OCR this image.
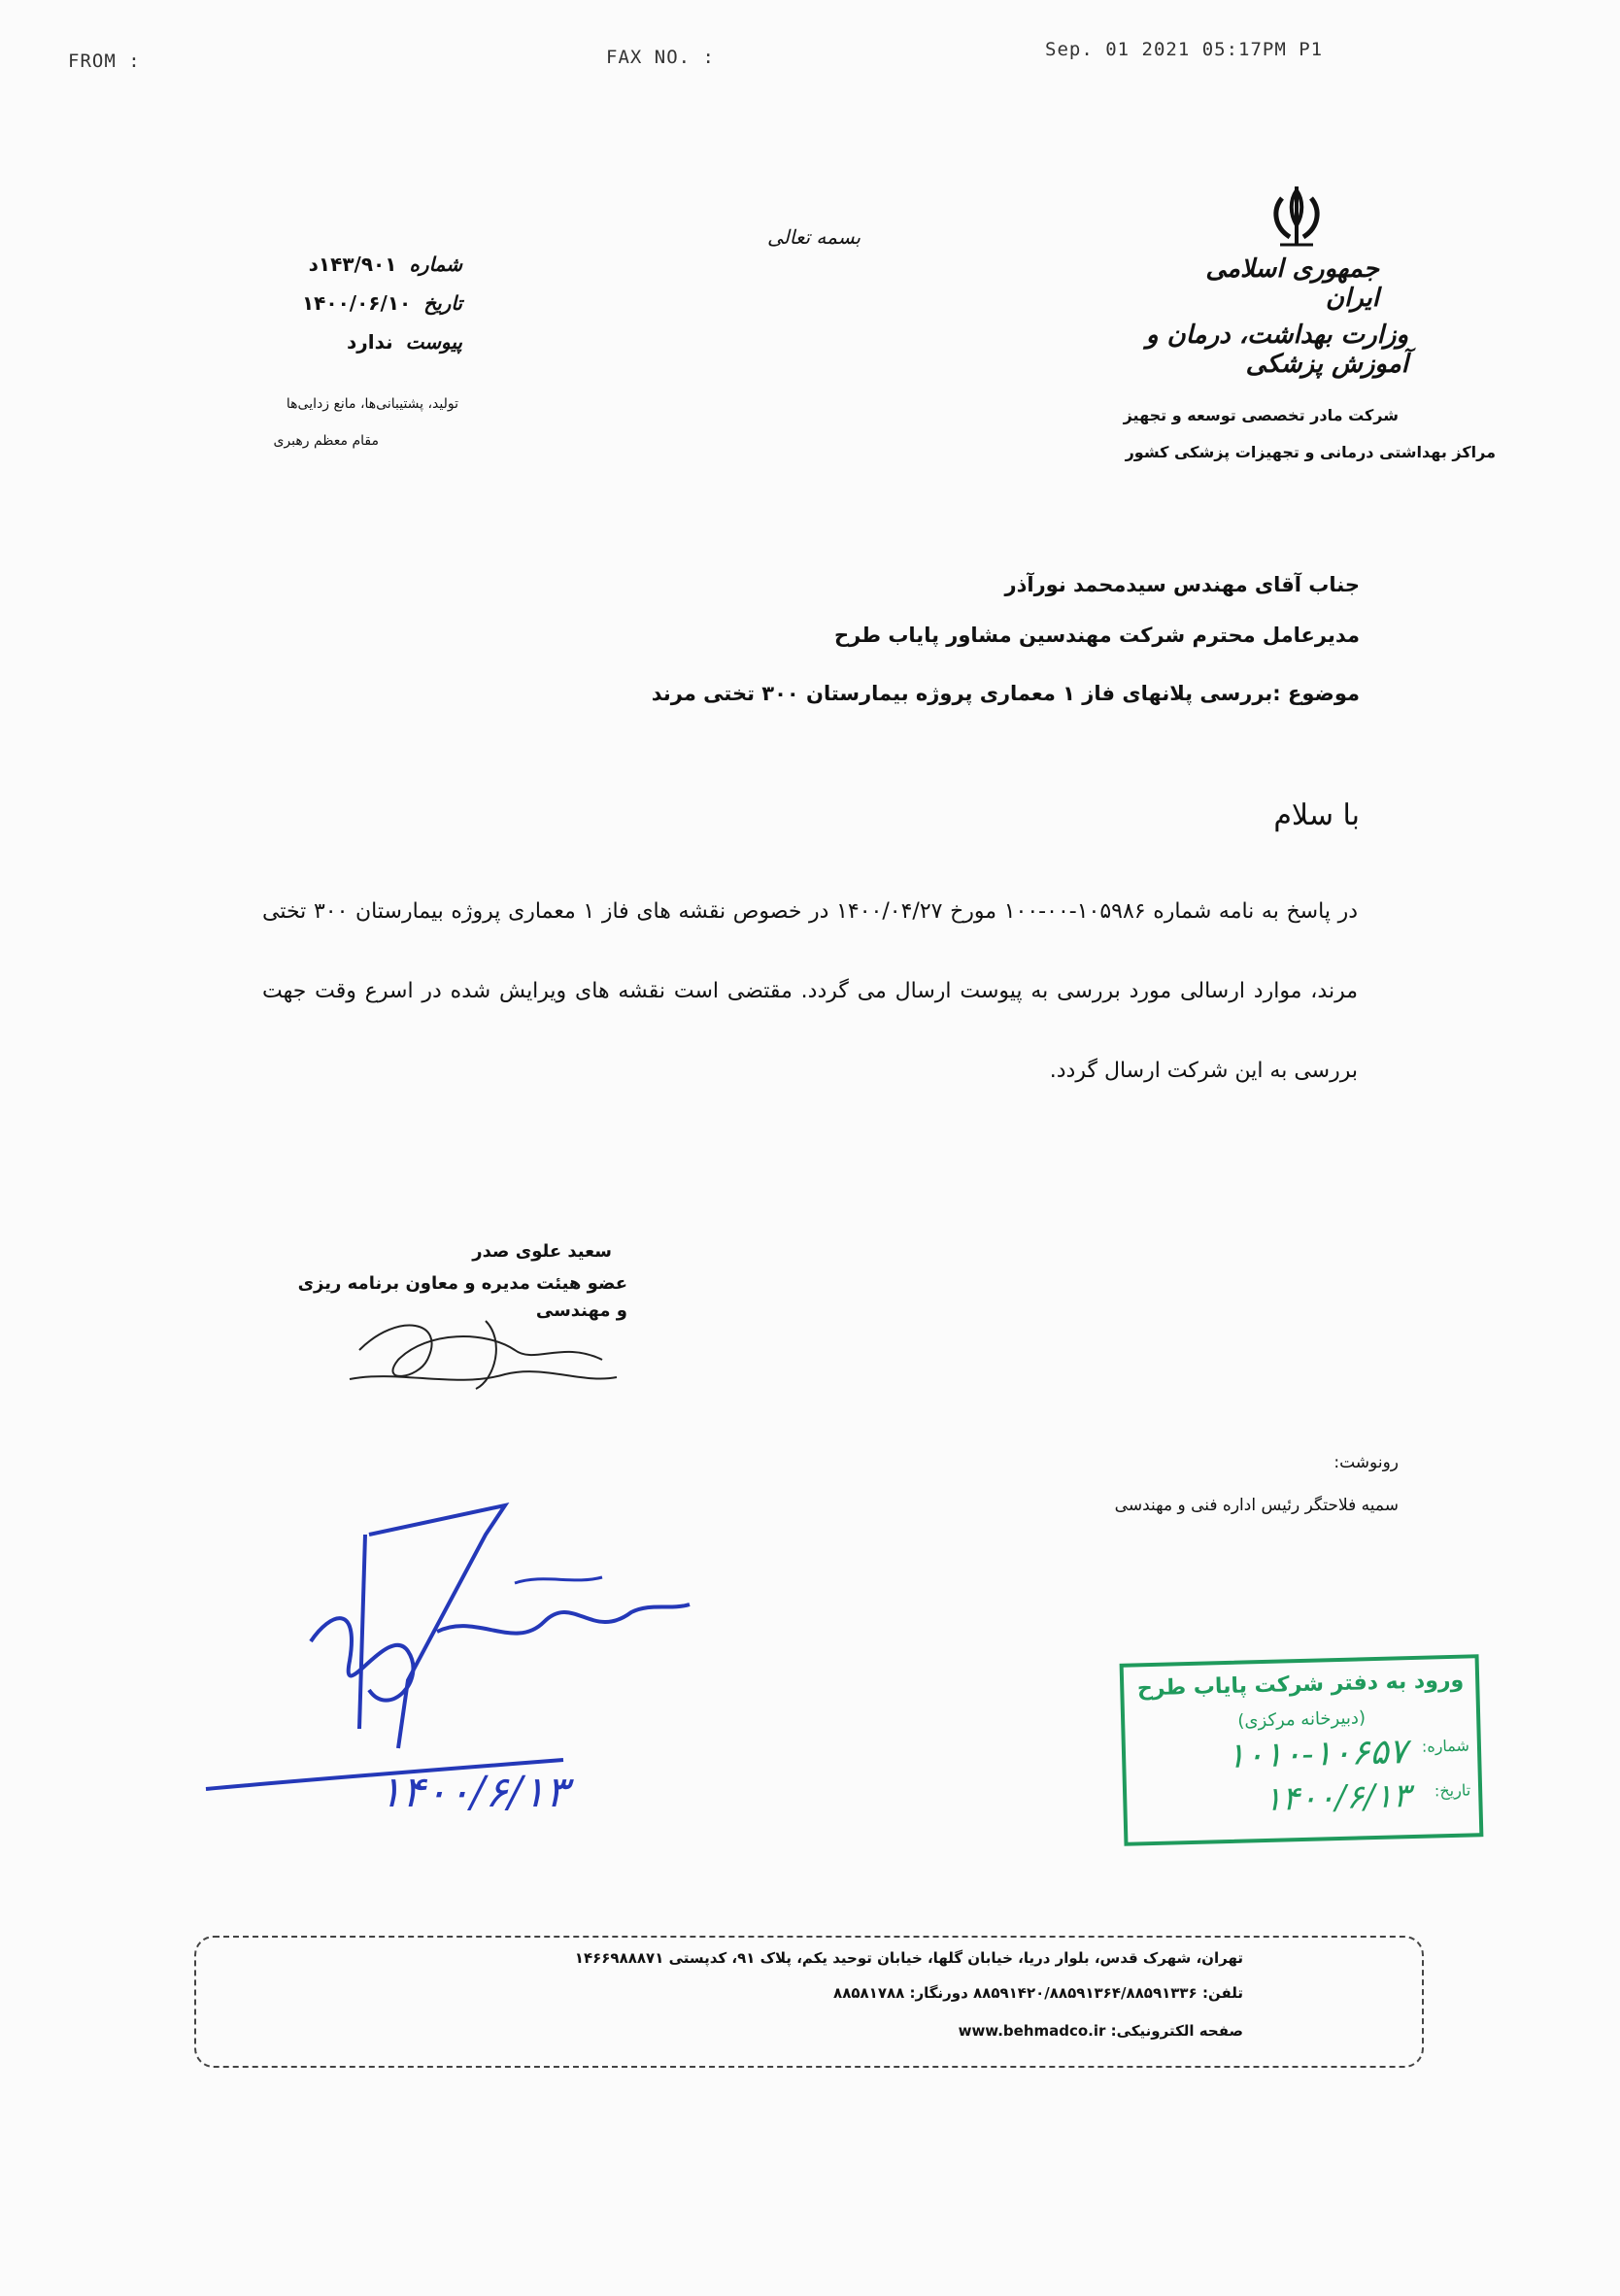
FROM :	FAX NO. :	Sep. 01 2021 05:17PM P1
بسمه تعالی
جمهوری اسلامی ایران
وزارت بهداشت، درمان و آموزش پزشکی
شرکت مادر تخصصی توسعه و تجهیز
مراکز بهداشتی درمانی و تجهیزات پزشکی کشور
شماره ۱۴۳/۹۰۱د
تاریخ ۱۴۰۰/۰۶/۱۰
پیوست ندارد
تولید، پشتیبانی‌ها، مانع زدایی‌ها
مقام معظم رهبری
جناب آقای مهندس سیدمحمد نورآذر
مدیرعامل محترم شرکت مهندسین مشاور پایاب طرح
موضوع :بررسی پلانهای فاز ۱ معماری پروژه بیمارستان ۳۰۰ تختی مرند
با سلام
در پاسخ به نامه شماره ۱۰۵۹۸۶-۰۰-۱۰۰ مورخ ۱۴۰۰/۰۴/۲۷ در خصوص نقشه های فاز ۱ معماری پروژه بیمارستان ۳۰۰ تختی مرند، موارد ارسالی مورد بررسی به پیوست ارسال می گردد. مقتضی است نقشه های ویرایش شده در اسرع وقت جهت بررسی به این شرکت ارسال گردد.
سعید علوی صدر
عضو هیئت مدیره و معاون برنامه ریزی و مهندسی
رونوشت:
سمیه فلاحتگر رئیس اداره فنی و مهندسی
۱۴۰۰/۶/۱۳
ورود به دفتر شرکت پایاب طرح
(دبیرخانه مرکزی)
شماره:
۱۰۱۰-۱۰۶۵۷
تاریخ:
۱۴۰۰/۶/۱۳
تهران، شهرک قدس، بلوار دریا، خیابان گلها، خیابان توحید یکم، پلاک ۹۱، کدپستی ۱۴۶۶۹۸۸۸۷۱
تلفن: ۸۸۵۹۱۴۲۰/۸۸۵۹۱۳۶۴/۸۸۵۹۱۳۳۶ دورنگار: ۸۸۵۸۱۷۸۸
صفحه الکترونیکی: www.behmadco.ir
